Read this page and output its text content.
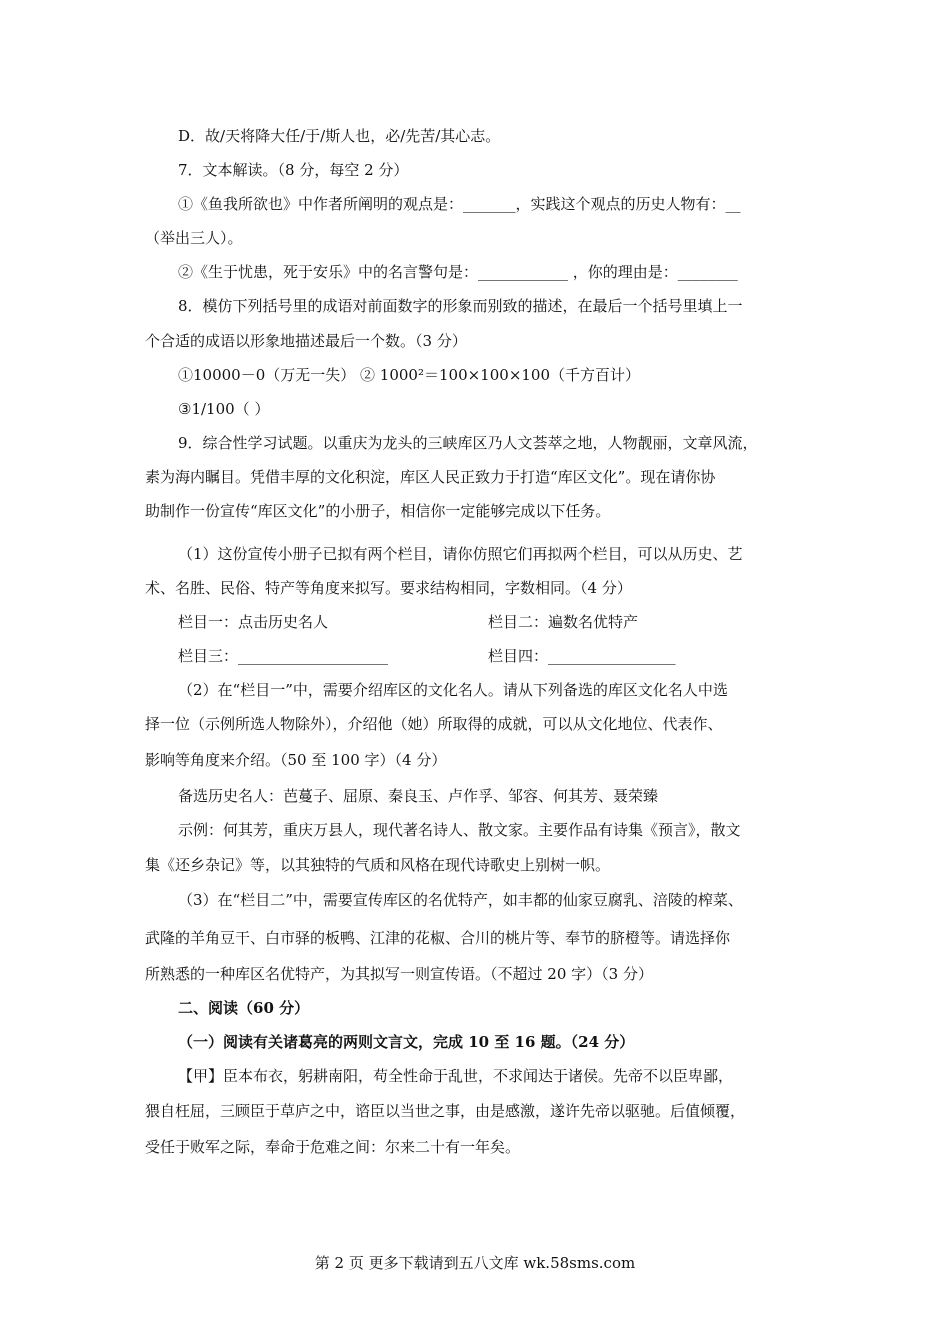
D．故/天将降大任/于/斯人也，必/先苦/其心志。
7．文本解读。（8 分，每空 2 分）
①《鱼我所欲也》中作者所阐明的观点是：_______，实践这个观点的历史人物有：__
（举出三人）。
②《生于忧患，死于安乐》中的名言警句是：____________ ，你的理由是：________
8．模仿下列括号里的成语对前面数字的形象而别致的描述，在最后一个括号里填上一
个合适的成语以形象地描述最后一个数。（3 分）
①10000－0（万无一失） ② 1000²＝100×100×100（千方百计）
③1/100（ ）
9．综合性学习试题。以重庆为龙头的三峡库区乃人文荟萃之地，人物靓丽，文章风流，
素为海内瞩目。凭借丰厚的文化积淀，库区人民正致力于打造“库区文化”。现在请你协
助制作一份宣传“库区文化”的小册子，相信你一定能够完成以下任务。
（1）这份宣传小册子已拟有两个栏目，请你仿照它们再拟两个栏目，可以从历史、艺
术、名胜、民俗、特产等角度来拟写。要求结构相同，字数相同。（4 分）
栏目一：点击历史名人	栏目二：遍数名优特产
栏目三：____________________	栏目四：_________________
（2）在“栏目一”中，需要介绍库区的文化名人。请从下列备选的库区文化名人中选
择一位（示例所选人物除外），介绍他（她）所取得的成就，可以从文化地位、代表作、
影响等角度来介绍。（50 至 100 字）（4 分）
备选历史名人：芭蔓子、屈原、秦良玉、卢作孚、邹容、何其芳、聂荣臻
示例：何其芳，重庆万县人，现代著名诗人、散文家。主要作品有诗集《预言》，散文
集《还乡杂记》等，以其独特的气质和风格在现代诗歌史上别树一帜。
（3）在“栏目二”中，需要宣传库区的名优特产，如丰都的仙家豆腐乳、涪陵的榨菜、
武隆的羊角豆干、白市驿的板鸭、江津的花椒、合川的桃片等、奉节的脐橙等。请选择你
所熟悉的一种库区名优特产，为其拟写一则宣传语。（不超过 20 字）（3 分）
二、阅读（60 分）
（一）阅读有关诸葛亮的两则文言文，完成 10 至 16 题。（24 分）
【甲】臣本布衣，躬耕南阳，苟全性命于乱世，不求闻达于诸侯。先帝不以臣卑鄙，
猥自枉屈，三顾臣于草庐之中，谘臣以当世之事，由是感激，遂许先帝以驱驰。后值倾覆，
受任于败军之际，奉命于危难之间：尔来二十有一年矣。
第 2 页 更多下载请到五八文库 wk.58sms.com
